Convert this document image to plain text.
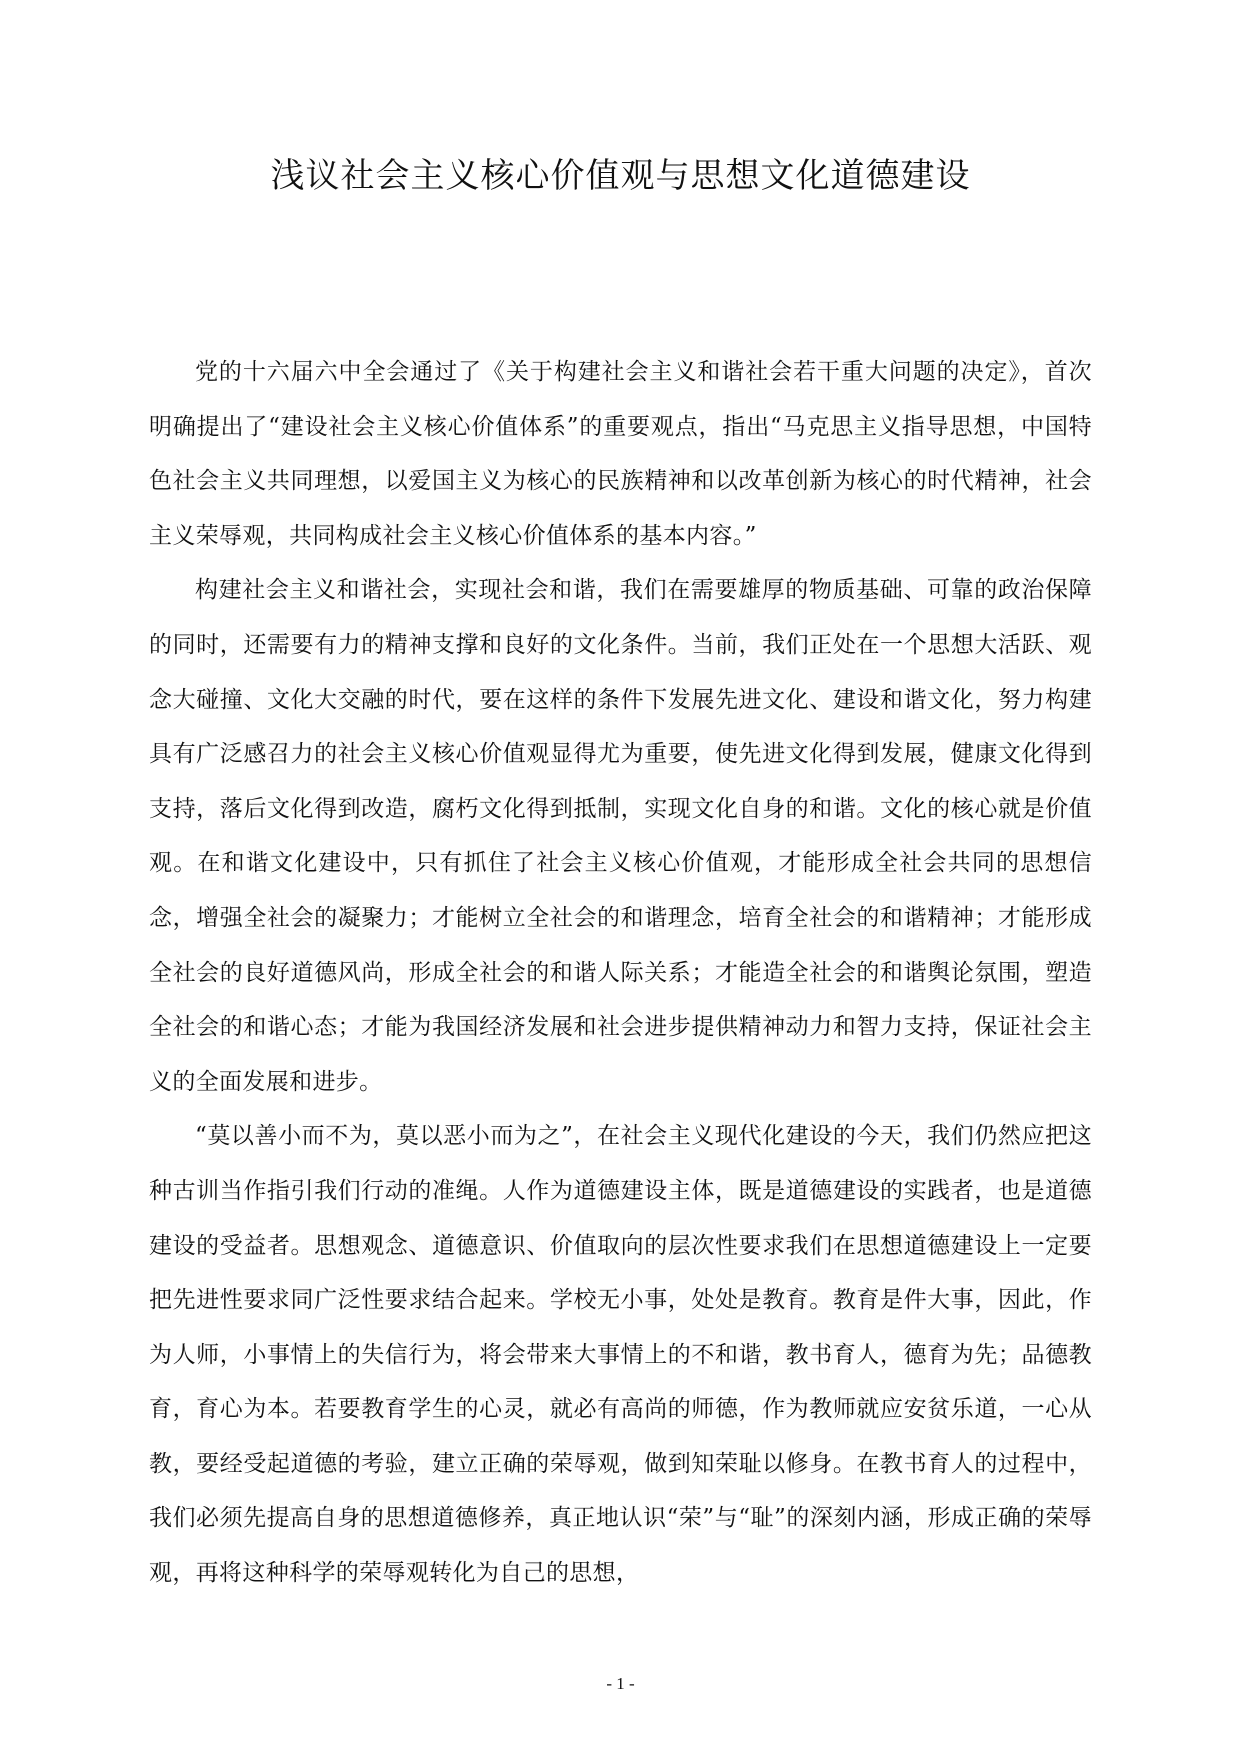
浅议社会主义核心价值观与思想文化道德建设

党的十六届六中全会通过了《关于构建社会主义和谐社会若干重大问题的决定》，首次明确提出了“建设社会主义核心价值体系”的重要观点，指出“马克思主义指导思想，中国特色社会主义共同理想，以爱国主义为核心的民族精神和以改革创新为核心的时代精神，社会主义荣辱观，共同构成社会主义核心价值体系的基本内容。”

构建社会主义和谐社会，实现社会和谐，我们在需要雄厚的物质基础、可靠的政治保障的同时，还需要有力的精神支撑和良好的文化条件。当前，我们正处在一个思想大活跃、观念大碰撞、文化大交融的时代，要在这样的条件下发展先进文化、建设和谐文化，努力构建具有广泛感召力的社会主义核心价值观显得尤为重要，使先进文化得到发展，健康文化得到支持，落后文化得到改造，腐朽文化得到抵制，实现文化自身的和谐。文化的核心就是价值观。在和谐文化建设中，只有抓住了社会主义核心价值观，才能形成全社会共同的思想信念，增强全社会的凝聚力；才能树立全社会的和谐理念，培育全社会的和谐精神；才能形成全社会的良好道德风尚，形成全社会的和谐人际关系；才能造全社会的和谐舆论氛围，塑造全社会的和谐心态；才能为我国经济发展和社会进步提供精神动力和智力支持，保证社会主义的全面发展和进步。

“莫以善小而不为，莫以恶小而为之”，在社会主义现代化建设的今天，我们仍然应把这种古训当作指引我们行动的准绳。人作为道德建设主体，既是道德建设的实践者，也是道德建设的受益者。思想观念、道德意识、价值取向的层次性要求我们在思想道德建设上一定要把先进性要求同广泛性要求结合起来。学校无小事，处处是教育。教育是件大事，因此，作为人师，小事情上的失信行为，将会带来大事情上的不和谐，教书育人，德育为先；品德教育，育心为本。若要教育学生的心灵，就必有高尚的师德，作为教师就应安贫乐道，一心从教，要经受起道德的考验，建立正确的荣辱观，做到知荣耻以修身。在教书育人的过程中，我们必须先提高自身的思想道德修养，真正地认识“荣”与“耻”的深刻内涵，形成正确的荣辱观，再将这种科学的荣辱观转化为自己的思想，

- 1 -
